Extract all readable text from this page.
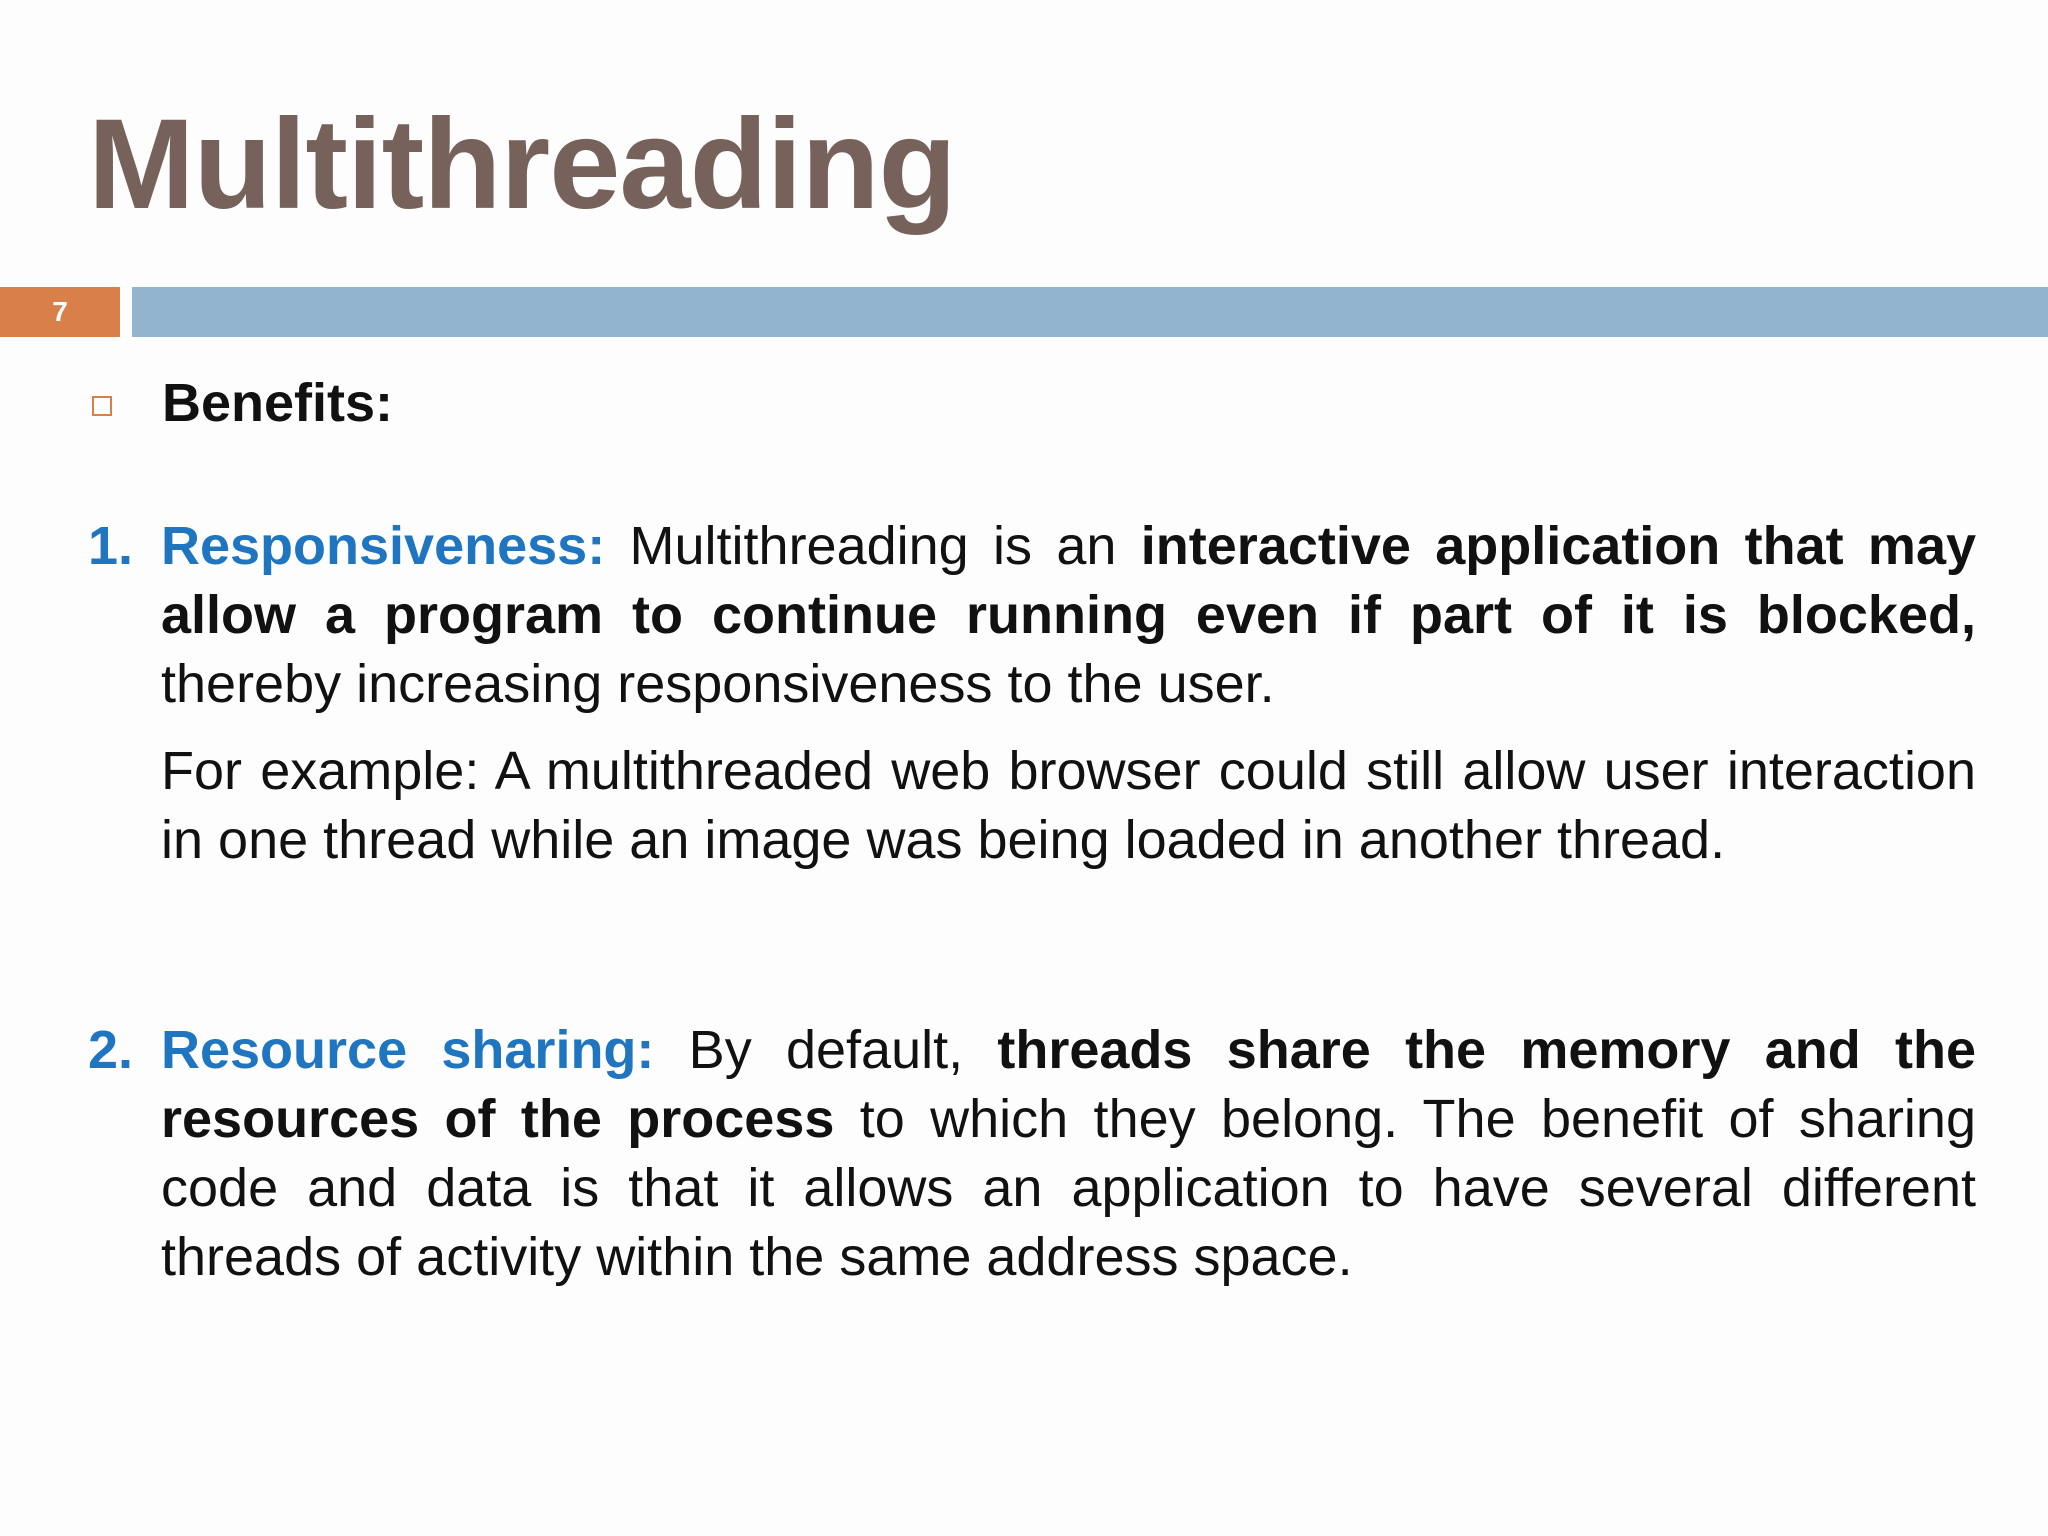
Multithreading
7
Benefits:
1. Responsiveness: Multithreading is an interactive application that may allow a program to continue running even if part of it is blocked, thereby increasing responsiveness to the user.
For example: A multithreaded web browser could still allow user interaction in one thread while an image was being loaded in another thread.
2. Resource sharing: By default, threads share the memory and the resources of the process to which they belong. The benefit of sharing code and data is that it allows an application to have several different threads of activity within the same address space.
